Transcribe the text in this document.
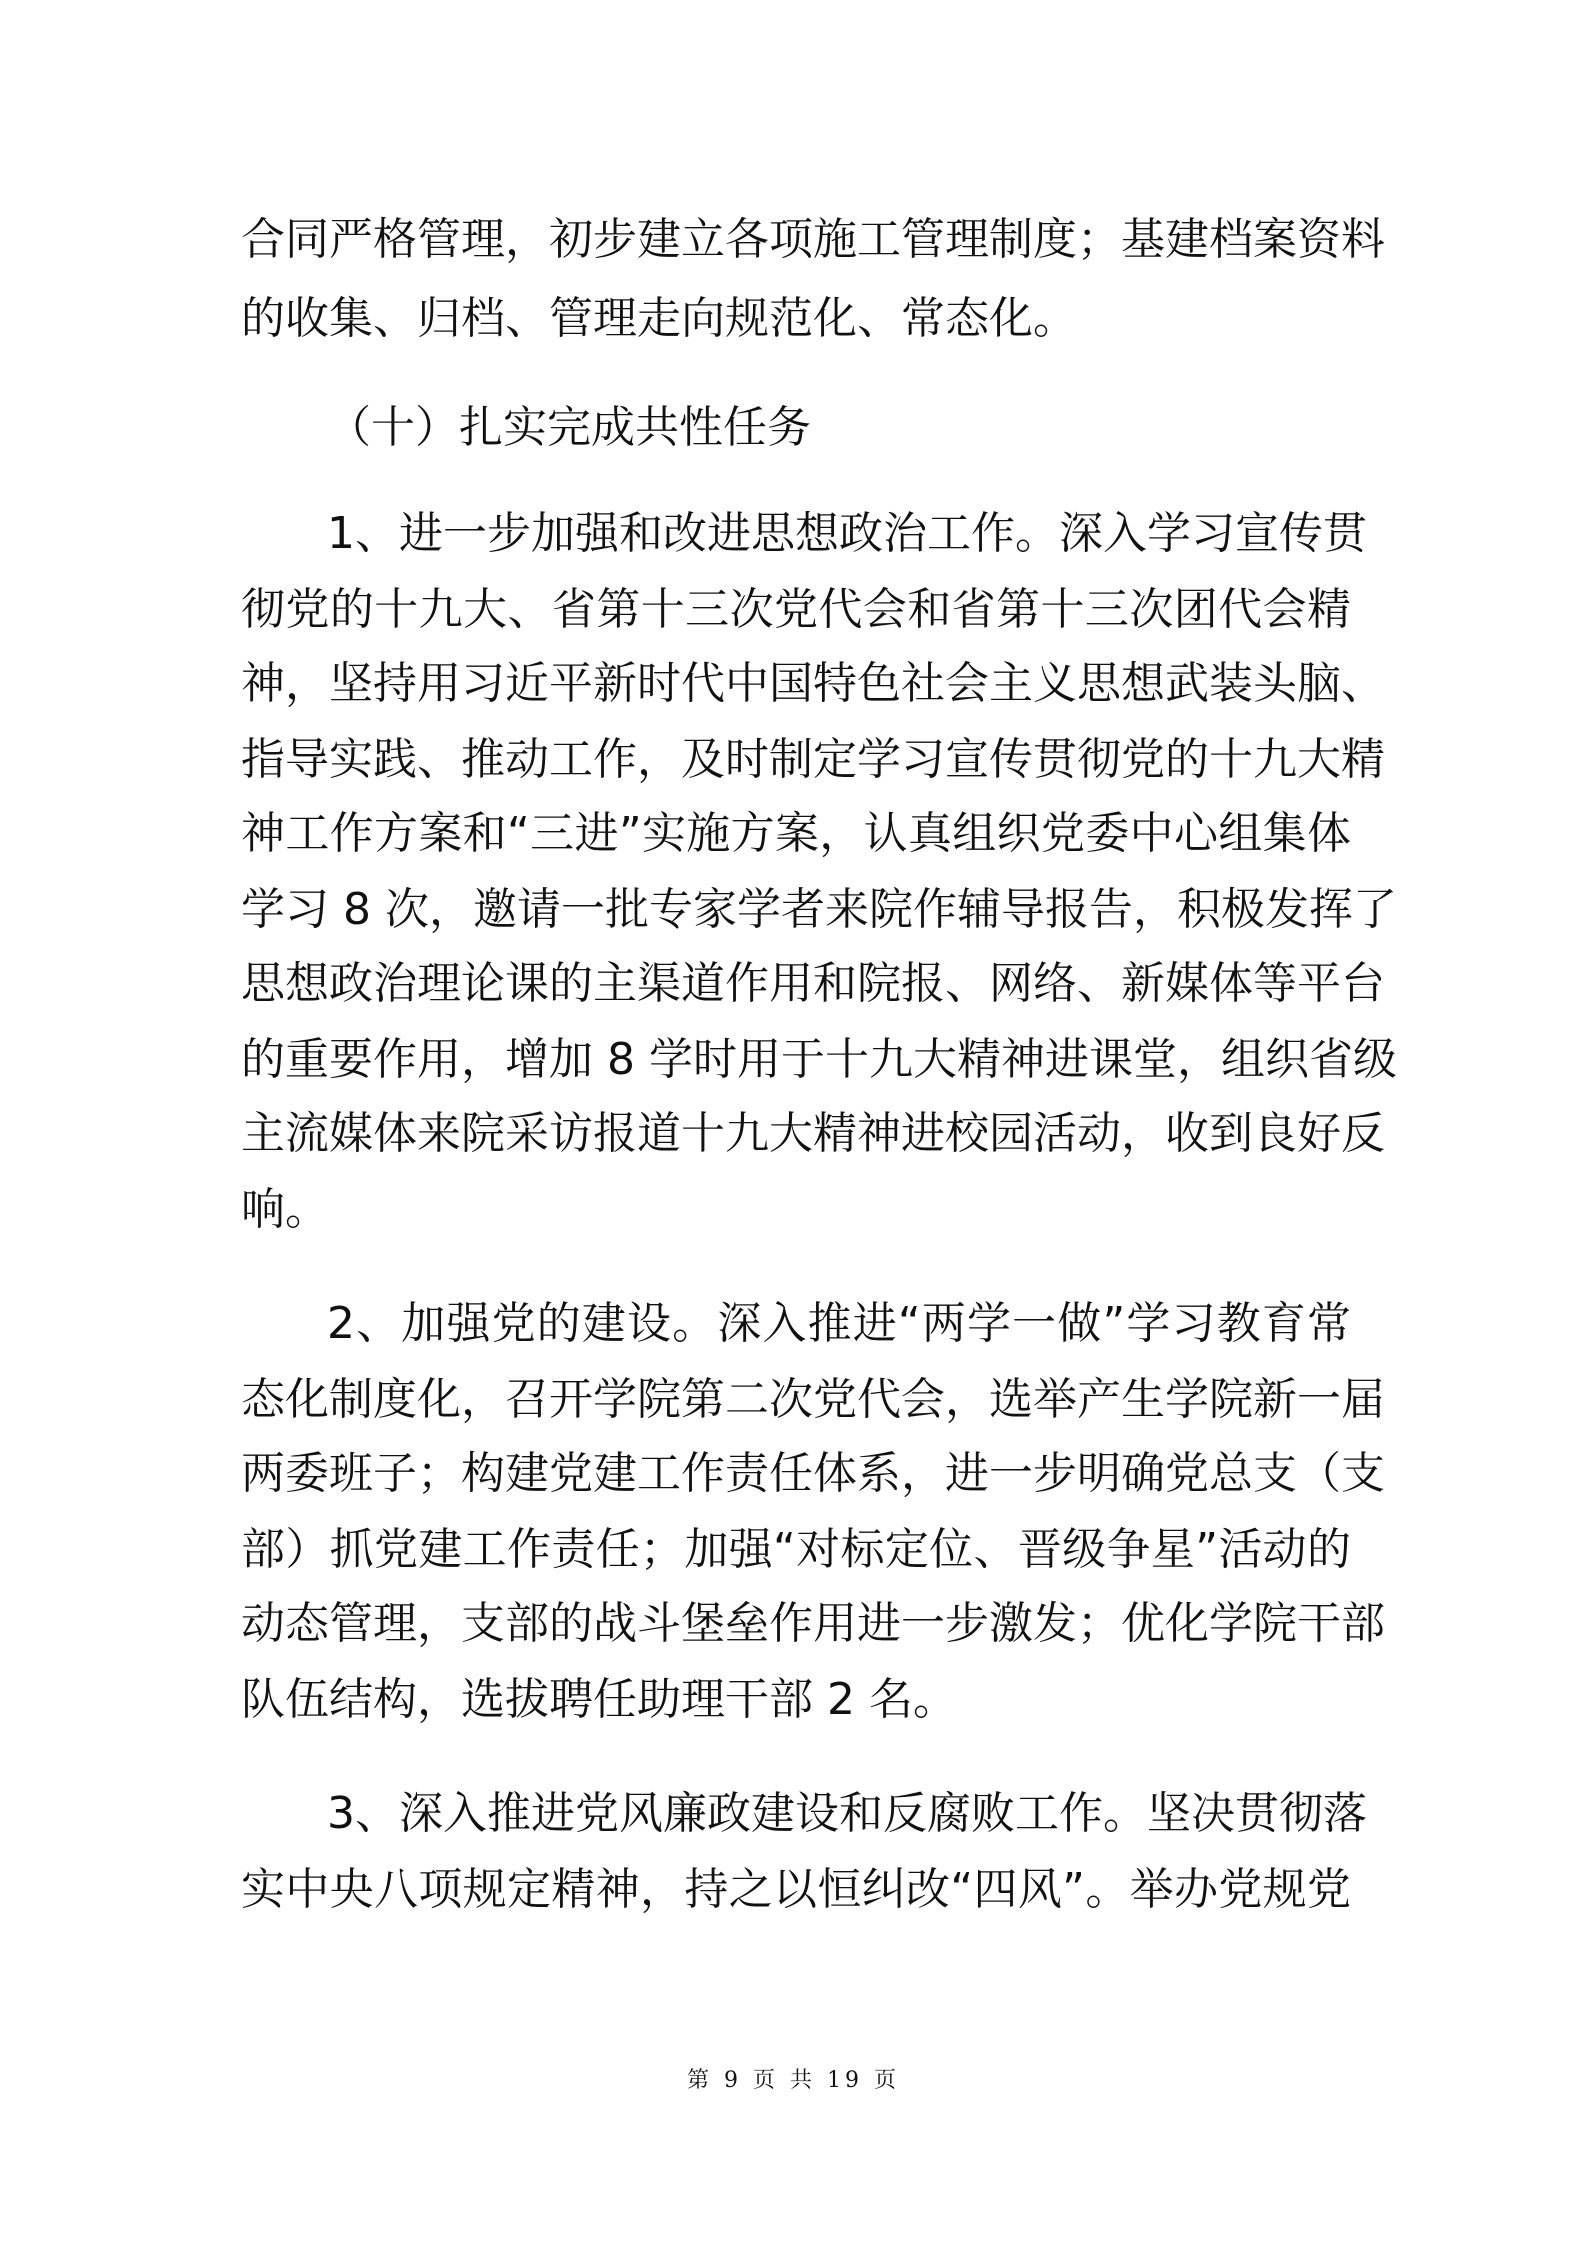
合同严格管理，初步建立各项施工管理制度；基建档案资料
的收集、归档、管理走向规范化、常态化。
（十）扎实完成共性任务
1、进一步加强和改进思想政治工作。深入学习宣传贯
彻党的十九大、省第十三次党代会和省第十三次团代会精
神，坚持用习近平新时代中国特色社会主义思想武装头脑、
指导实践、推动工作，及时制定学习宣传贯彻党的十九大精
神工作方案和“三进”实施方案，认真组织党委中心组集体
学习 8 次，邀请一批专家学者来院作辅导报告，积极发挥了
思想政治理论课的主渠道作用和院报、网络、新媒体等平台
的重要作用，增加 8 学时用于十九大精神进课堂，组织省级
主流媒体来院采访报道十九大精神进校园活动，收到良好反
响。
2、加强党的建设。深入推进“两学一做”学习教育常
态化制度化，召开学院第二次党代会，选举产生学院新一届
两委班子；构建党建工作责任体系，进一步明确党总支（支
部）抓党建工作责任；加强“对标定位、晋级争星”活动的
动态管理，支部的战斗堡垒作用进一步激发；优化学院干部
队伍结构，选拔聘任助理干部 2 名。
3、深入推进党风廉政建设和反腐败工作。坚决贯彻落
实中央八项规定精神，持之以恒纠改“四风”。举办党规党
第 9 页 共 19 页
